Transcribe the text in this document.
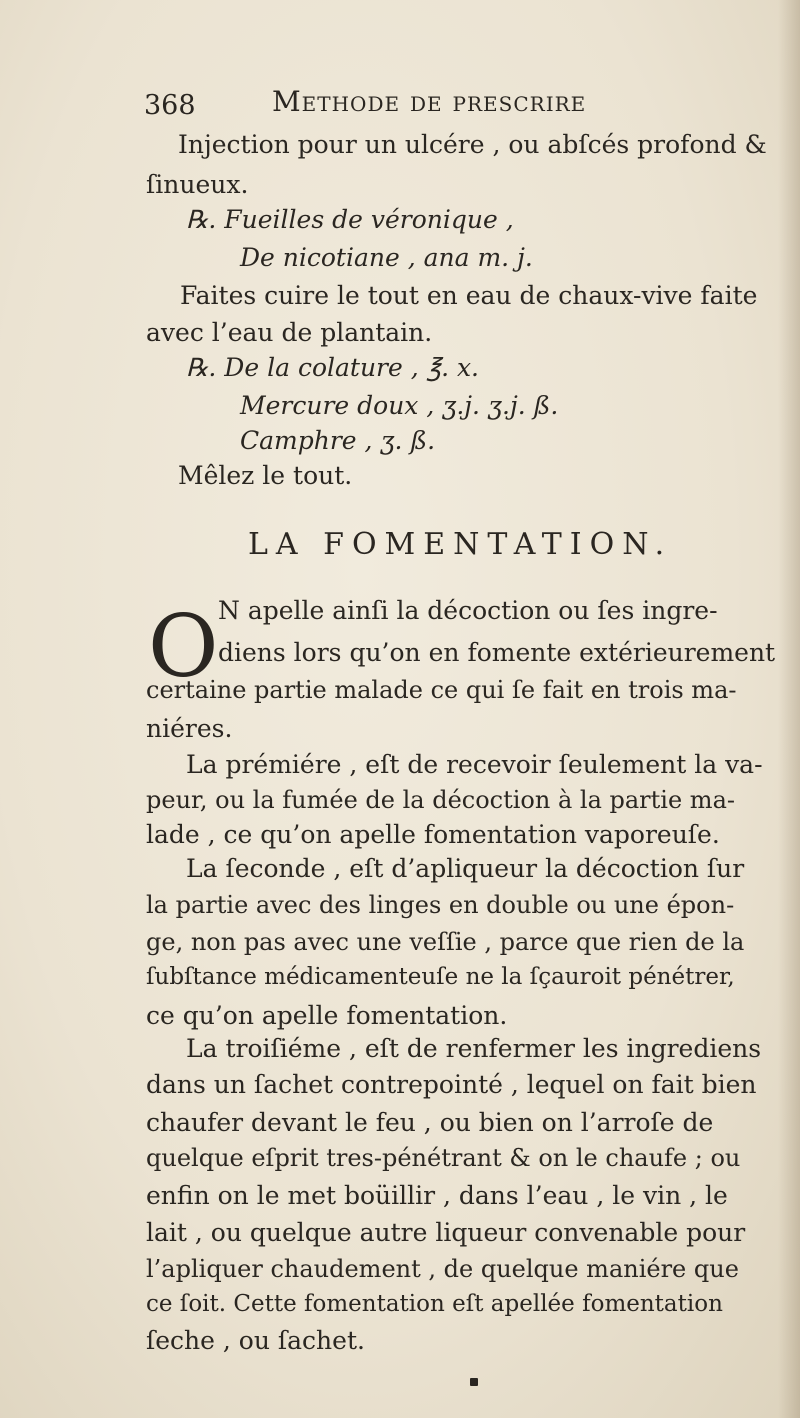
368	Methode de prescrire
Injection pour un ulcére , ou abſcés profond &
ſinueux.
℞. Fueilles de véronique ,
De nicotiane , ana m. j.
Faites cuire le tout en eau de chaux-vive faite
avec l’eau de plantain.
℞. De la colature , ℥. x.
Mercure doux , ʒ.j. ʒ.j. ß.
Camphre , ʒ. ß.
Mêlez le tout.
LA FOMENTATION.
O N apelle ainſi la décoction ou ſes ingre-
diens lors qu’on en fomente extérieurement
certaine partie malade ce qui ſe fait en trois ma-
niéres.
La prémiére , eſt de recevoir ſeulement la va-
peur, ou la fumée de la décoction à la partie ma-
lade , ce qu’on apelle fomentation vaporeuſe.
La ſeconde , eſt d’apliqueur la décoction ſur
la partie avec des linges en double ou une épon-
ge, non pas avec une veſſie , parce que rien de la
ſubſtance médicamenteuſe ne la ſçauroit pénétrer,
ce qu’on apelle fomentation.
La troiſiéme , eſt de renfermer les ingrediens
dans un ſachet contrepointé , lequel on fait bien
chaufer devant le feu , ou bien on l’arroſe de
quelque eſprit tres-pénétrant & on le chaufe ; ou
enfin on le met boüillir , dans l’eau , le vin , le
lait , ou quelque autre liqueur convenable pour
l’apliquer chaudement , de quelque maniére que
ce ſoit. Cette fomentation eſt apellée fomentation
ſeche , ou ſachet.
